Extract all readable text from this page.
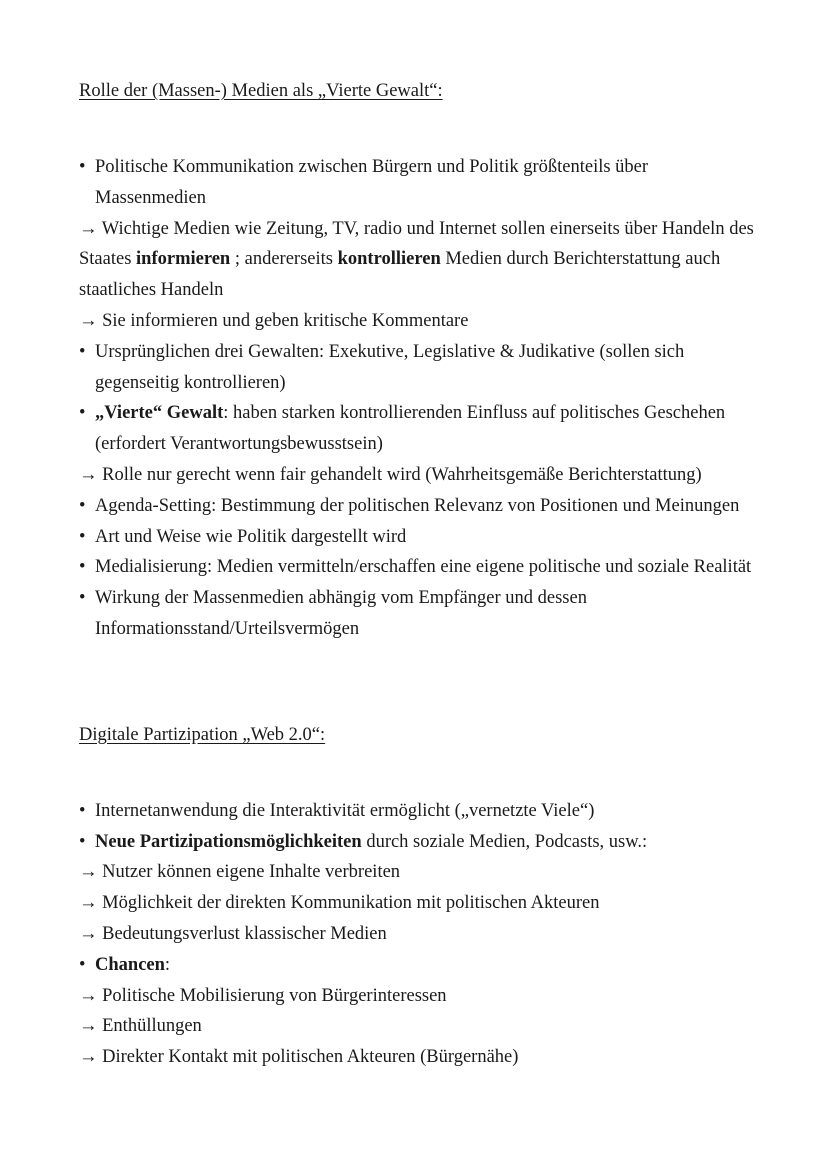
Rolle der (Massen-) Medien als „Vierte Gewalt“:

• Politische Kommunikation zwischen Bürgern und Politik größtenteils über Massenmedien
→ Wichtige Medien wie Zeitung, TV, radio und Internet sollen einerseits über Handeln des Staates informieren ; andererseits kontrollieren Medien durch Berichterstattung auch staatliches Handeln
→ Sie informieren und geben kritische Kommentare
• Ursprünglichen drei Gewalten: Exekutive, Legislative & Judikative (sollen sich gegenseitig kontrollieren)
• „Vierte“ Gewalt: haben starken kontrollierenden Einfluss auf politisches Geschehen (erfordert Verantwortungsbewusstsein)
→ Rolle nur gerecht wenn fair gehandelt wird (Wahrheitsgemäße Berichterstattung)
• Agenda-Setting: Bestimmung der politischen Relevanz von Positionen und Meinungen
• Art und Weise wie Politik dargestellt wird
• Medialisierung: Medien vermitteln/erschaffen eine eigene politische und soziale Realität
• Wirkung der Massenmedien abhängig vom Empfänger und dessen Informationsstand/Urteilsvermögen

Digitale Partizipation „Web 2.0“:

• Internetanwendung die Interaktivität ermöglicht („vernetzte Viele“)
• Neue Partizipationsmöglichkeiten durch soziale Medien, Podcasts, usw.:
→ Nutzer können eigene Inhalte verbreiten
→ Möglichkeit der direkten Kommunikation mit politischen Akteuren
→ Bedeutungsverlust klassischer Medien
• Chancen:
→ Politische Mobilisierung von Bürgerinteressen
→ Enthüllungen
→ Direkter Kontakt mit politischen Akteuren (Bürgernähe)
